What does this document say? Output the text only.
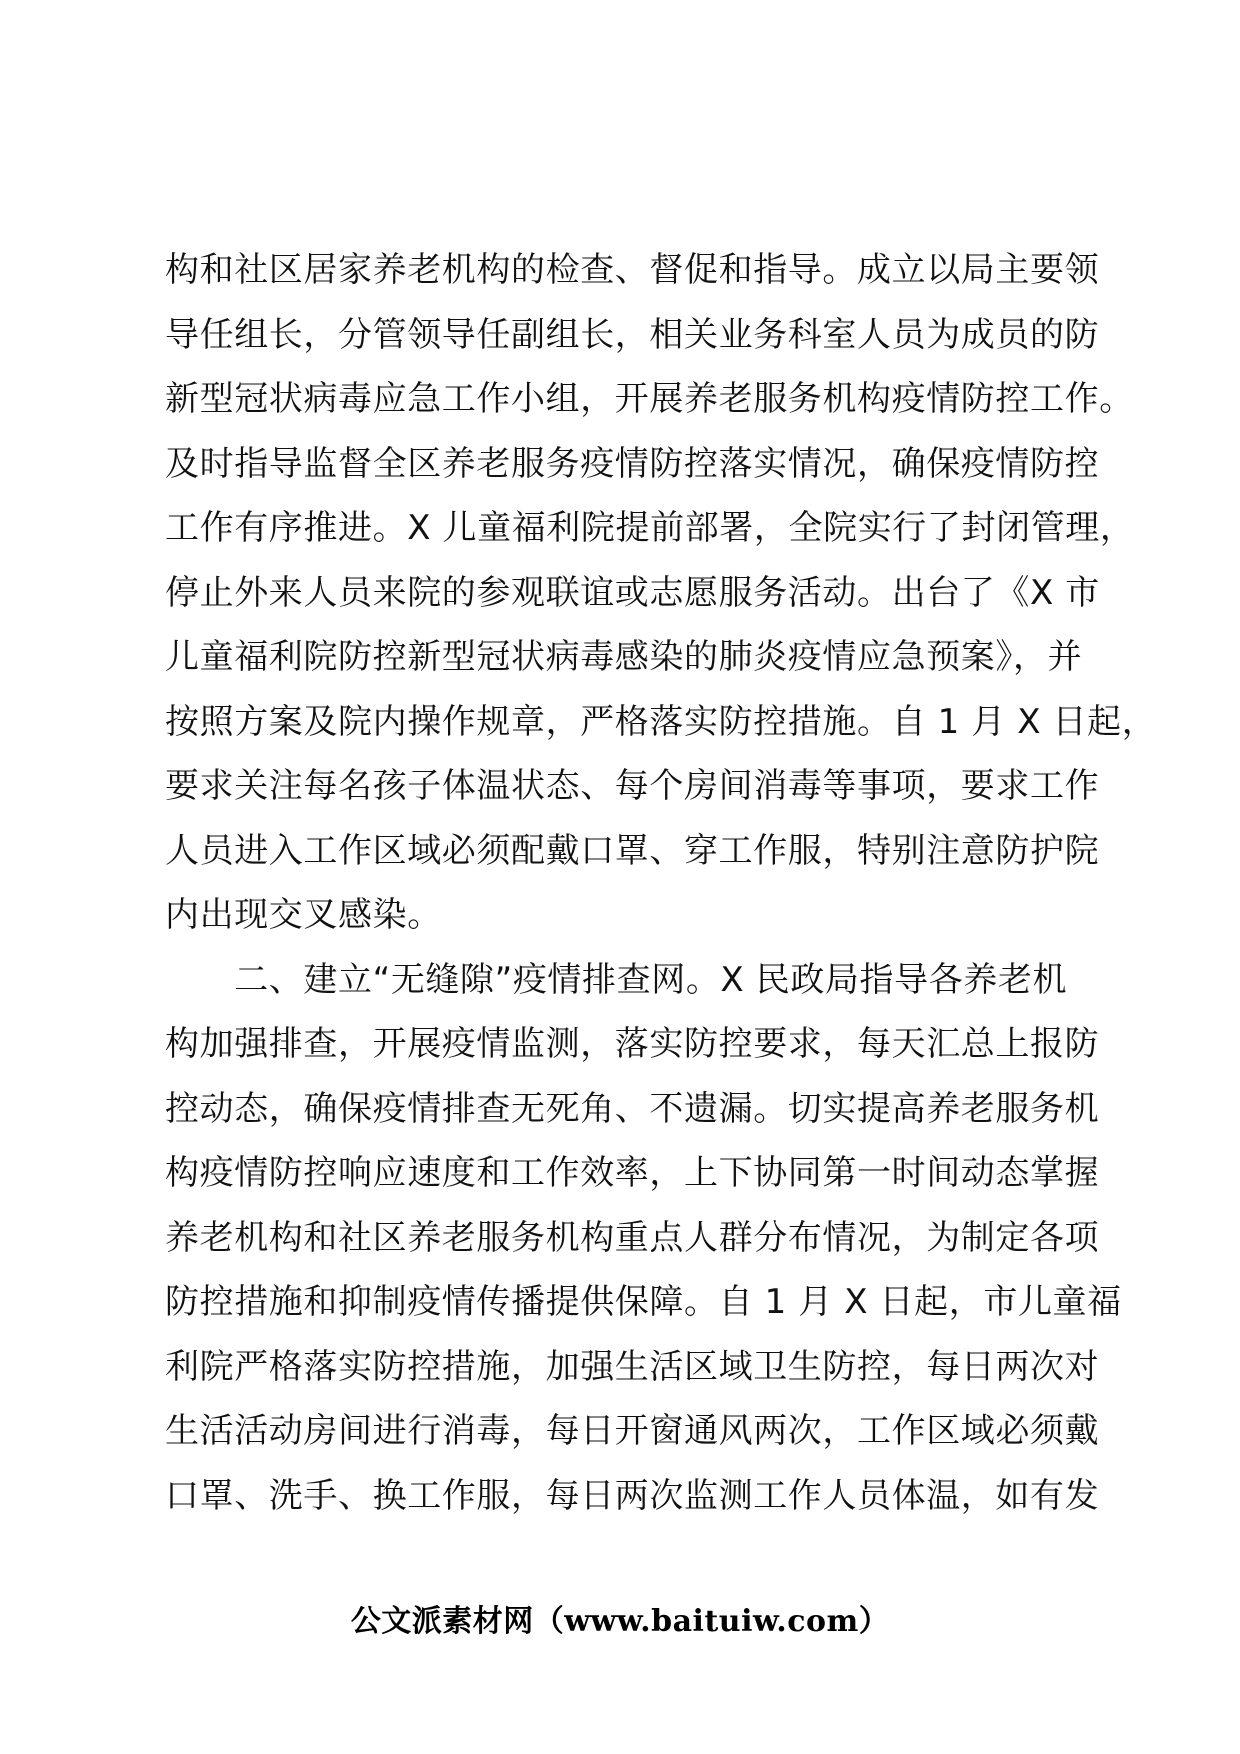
构和社区居家养老机构的检查、督促和指导。成立以局主要领
导任组长，分管领导任副组长，相关业务科室人员为成员的防
新型冠状病毒应急工作小组，开展养老服务机构疫情防控工作。
及时指导监督全区养老服务疫情防控落实情况，确保疫情防控
工作有序推进。X 儿童福利院提前部署，全院实行了封闭管理，
停止外来人员来院的参观联谊或志愿服务活动。出台了《X 市
儿童福利院防控新型冠状病毒感染的肺炎疫情应急预案》，并
按照方案及院内操作规章，严格落实防控措施。自 1 月 X 日起，
要求关注每名孩子体温状态、每个房间消毒等事项，要求工作
人员进入工作区域必须配戴口罩、穿工作服，特别注意防护院
内出现交叉感染。
　　二、建立“无缝隙”疫情排查网。X 民政局指导各养老机
构加强排查，开展疫情监测，落实防控要求，每天汇总上报防
控动态，确保疫情排查无死角、不遗漏。切实提高养老服务机
构疫情防控响应速度和工作效率，上下协同第一时间动态掌握
养老机构和社区养老服务机构重点人群分布情况，为制定各项
防控措施和抑制疫情传播提供保障。自 1 月 X 日起，市儿童福
利院严格落实防控措施，加强生活区域卫生防控，每日两次对
生活活动房间进行消毒，每日开窗通风两次，工作区域必须戴
口罩、洗手、换工作服，每日两次监测工作人员体温，如有发
公文派素材网（www.baituiw.com）
